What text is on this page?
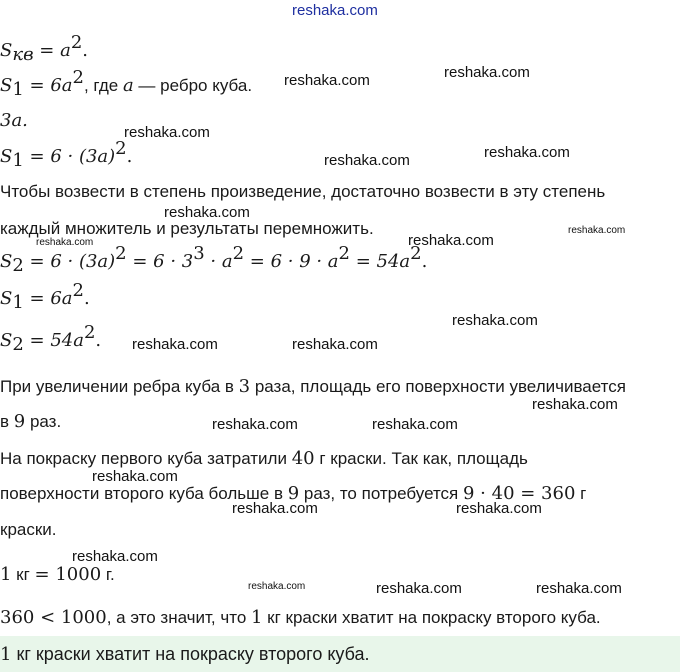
reshaka.com
$S_{кв} = a^2$.
$S_1 = 6a^2$, где a — ребро куба.
3a.
$S_1 = 6 \cdot (3a)^2$.
Чтобы возвести в степень произведение, достаточно возвести в эту степень
каждый множитель и результаты перемножить.
$S_2 = 6 \cdot (3a)^2 = 6 \cdot 3^3 \cdot a^2 = 6 \cdot 9 \cdot a^2 = 54a^2$.
$S_1 = 6a^2$.
$S_2 = 54a^2$.
При увеличении ребра куба в 3 раза, площадь его поверхности увеличивается
в 9 раз.
На покраску первого куба затратили 40 г краски. Так как, площадь
поверхности второго куба больше в 9 раз, то потребуется 9 · 40 = 360 г
краски.
1 кг = 1000 г.
360 < 1000, а это значит, что 1 кг краски хватит на покраску второго куба.
1 кг краски хватит на покраску второго куба.
reshaka.com	reshaka.com
reshaka.com
reshaka.com	reshaka.com
reshaka.com
reshaka.com	reshaka.com
reshaka.com
reshaka.com
reshaka.com	reshaka.com
reshaka.com
reshaka.com	reshaka.com
reshaka.com
reshaka.com	reshaka.com
reshaka.com
reshaka.com	reshaka.com	reshaka.com
